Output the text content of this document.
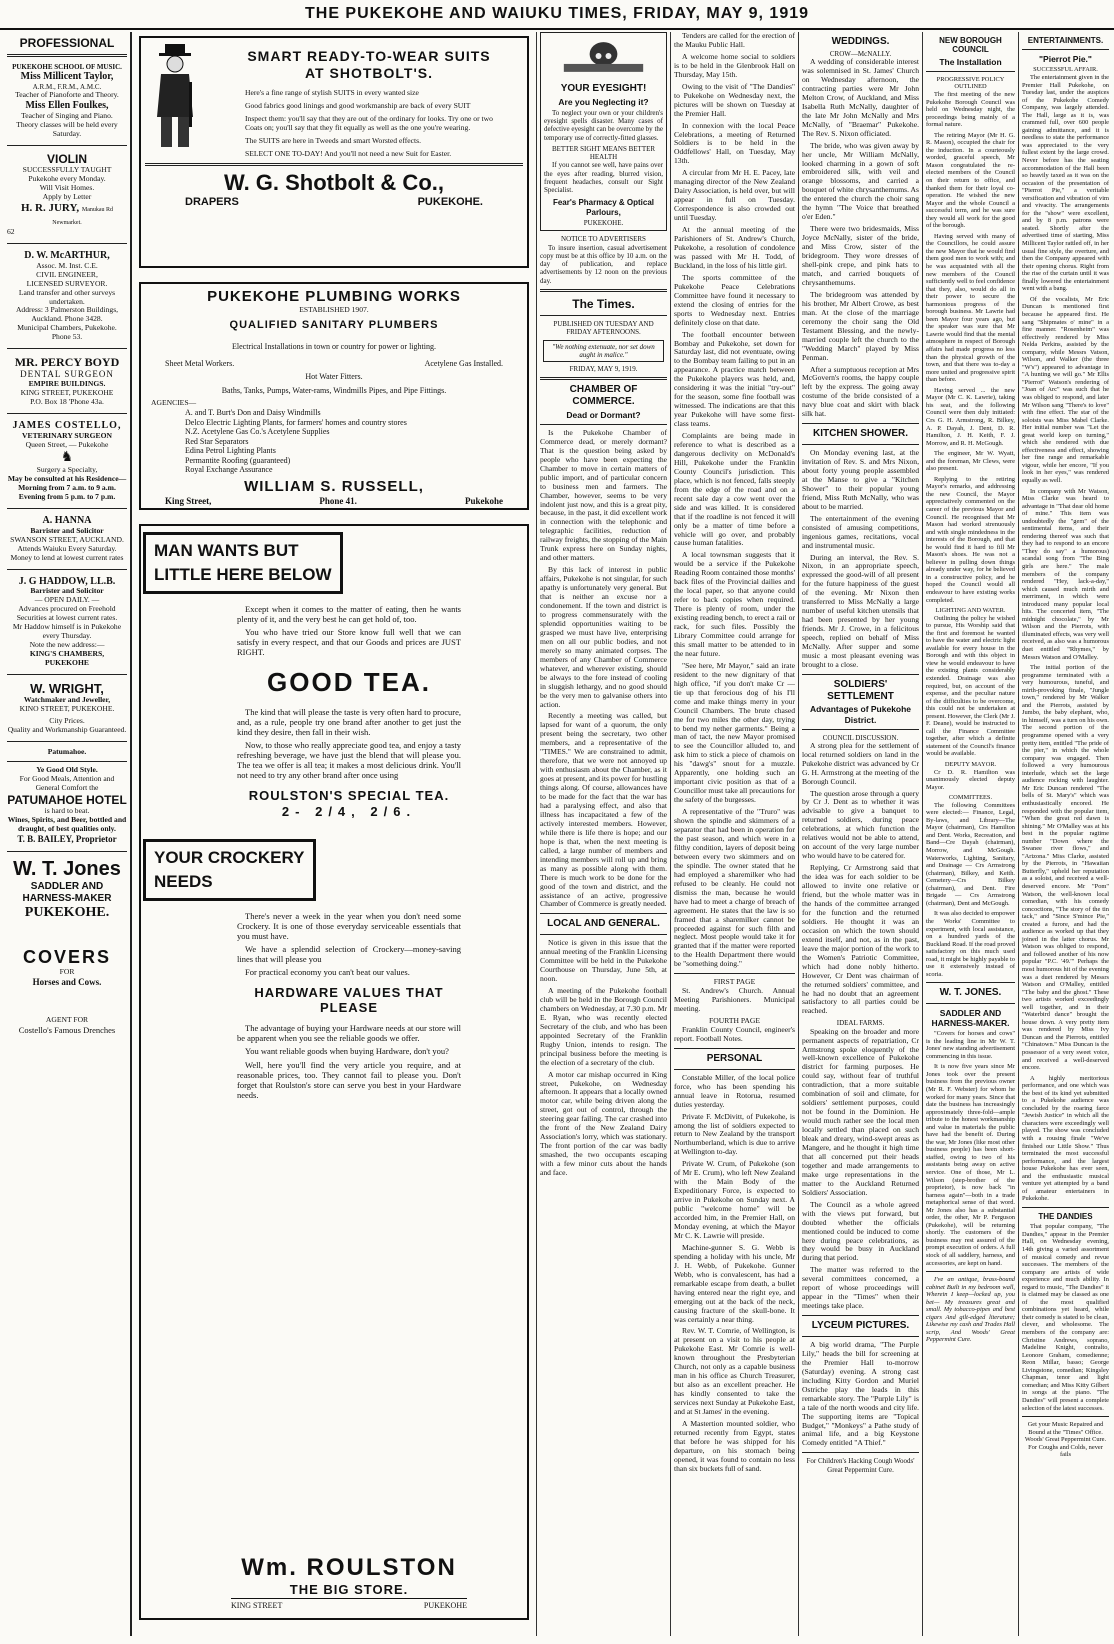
THE PUKEKOHE AND WAIUKU TIMES, FRIDAY, MAY 9, 1919
PROFESSIONAL
PUKEKOHE SCHOOL OF MUSIC.
Miss Millicent Taylor,
A.R.M., F.R.M., A.M.C.
Teacher of Pianoforte and Theory.
Miss Ellen Foulkes,
Teacher of Singing and Piano.
Theory classes will be held every Saturday.
VIOLIN
SUCCESSFULLY TAUGHT
Pukekohe every Monday.
Will Visit Homes.
Apply by Letter
H. R. JURY, Manukau Rd Newmarket.
62
D. W. McARTHUR,
Assoc. M. Inst. C.E.
CIVIL ENGINEER,
LICENSED SURVEYOR.
Land transfer and other surveys undertaken.
Address: 3 Palmerston Buildings, Auckland. Phone 3428.
Municipal Chambers, Pukekohe. Phone 53.
MR. PERCY BOYD
DENTAL SURGEON
EMPIRE BUILDINGS.
KING STREET, PUKEKOHE
P.O. Box 18 'Phone 43a.
JAMES COSTELLO,
VETERINARY SURGEON
Queen Street, — Pukekohe
♞
Surgery a Specialty,
May be consulted at his Residence—
Morning from 7 a.m. to 9 a.m.
Evening from 5 p.m. to 7 p.m.
A. HANNA
Barrister and Solicitor
SWANSON STREET, AUCKLAND.
Attends Waiuku Every Saturday.
Money to lend at lowest current rates
J. G HADDOW, LL.B.
Barrister and Solicitor
— OPEN DAILY. —
Advances procured on Freehold Securities at lowest current rates.
Mr Haddow himself is in Pukekohe every Thursday.
Note the new address:—
KING'S CHAMBERS, PUKEKOHE
W. WRIGHT,
Watchmaker and Jeweller,
KINO STREET, PUKEKOHE.
City Prices.
Quality and Workmanship Guaranteed.
Patumahoe.
Ye Good Old Style.
For Good Meals, Attention and General Comfort the
PATUMAHOE HOTEL
is hard to beat.
Wines, Spirits, and Beer, bottled and draught, of best qualities only.
T. B. BAILEY, Proprietor
W. T. Jones
SADDLER AND
HARNESS-MAKER
PUKEKOHE.
COVERS
FOR
Horses and Cows.
AGENT FOR
Costello's Famous Drenches
SMART READY-TO-WEAR SUITS AT SHOTBOLT'S.
Here's a fine range of stylish SUITS in every wanted size
Good fabrics good linings and good workmanship are back of every SUIT
Inspect them: you'll say that they are out of the ordinary for looks. Try one or two Coats on; you'll say that they fit equally as well as the one you're wearing.
The SUITS are here in Tweeds and smart Worsted effects.
SELECT ONE TO-DAY! And you'll not need a new Suit for Easter.
W. G. Shotbolt & Co.,
DRAPERS	PUKEKOHE.
PUKEKOHE PLUMBING WORKS
ESTABLISHED 1907.
QUALIFIED SANITARY PLUMBERS
Electrical Installations in town or country for power or lighting.
Sheet Metal Workers.	Acetylene Gas Installed.
Hot Water Fitters.
Baths, Tanks, Pumps, Water-rams, Windmills Pipes, and Pipe Fittings.
AGENCIES—
A. and T. Burt's Don and Daisy Windmills
Delco Electric Lighting Plants, for farmers' homes and country stores
N.Z. Acetylene Gas Co.'s Acetylene Supplies
Red Star Separators
Edina Petrol Lighting Plants
Permantite Roofing (guaranteed)
Royal Exchange Assurance
WILLIAM S. RUSSELL,
King Street,	Phone 41.	Pukekohe
MAN WANTS BUT
LITTLE HERE BELOW

Except when it comes to the matter of eating, then he wants plenty of it, and the very best he can get hold of, too.

You who have tried our Store know full well that we can satisfy in every respect, and that our Goods and prices are JUST RIGHT.

GOOD TEA.

The kind that will please the taste is very often hard to procure, and, as a rule, people try one brand after another to get just the kind they desire, then fall in their wish.

Now, to those who really appreciate good tea, and enjoy a tasty refreshing beverage, we have just the blend that will please you. The tea we offer is all tea; it makes a most delicious drink. You'll not need to try any other brand after once using

ROULSTON'S SPECIAL TEA.
2- 2/4, 2/6.
YOUR CROCKERY
NEEDS

There's never a week in the year when you don't need some Crockery. It is one of those everyday serviceable essentials that you must have.

We have a splendid selection of Crockery—money-saving lines that will please you

For practical economy you can't beat our values.

HARDWARE VALUES THAT PLEASE

The advantage of buying your Hardware needs at our store will be apparent when you see the reliable goods we offer.

You want reliable goods when buying Hardware, don't you?

Well, here you'll find the very article you require, and at reasonable prices, too. They cannot fail to please you. Don't forget that Roulston's store can serve you best in your Hardware needs.

Wm. ROULSTON
THE BIG STORE.
KING STREET	PUKEKOHE
YOUR EYESIGHT!
Are you Neglecting it?

To neglect your own or your children's eyesight spells disaster. Many cases of defective eyesight can be overcome by the temporary use of correctly-fitted glasses.

BETTER SIGHT MEANS BETTER HEALTH

If you cannot see well, have pains over the eyes after reading, blurred vision, frequent headaches, consult our Sight Specialist.

Fear's Pharmacy & Optical Parlours,
PUKEKOHE.
NOTICE TO ADVERTISERS

To insure insertion, casual advertisement copy must be at this office by 10 a.m. on the day of publication, and replace advertisements by 12 noon on the previous day.

The Times.
PUBLISHED ON TUESDAY AND FRIDAY AFTERNOONS.
"We nothing extenuate, nor set down aught in malice."
FRIDAY, MAY 9, 1919.
CHAMBER OF COMMERCE.
Dead or Dormant?

Is the Pukekohe Chamber of Commerce dead, or merely dormant? That is the question being asked by people who have been expecting the Chamber to move in certain matters of public import, and of particular concern to business men and farmers. The Chamber, however, seems to be very indolent just now, and this is a great pity, because, in the past, it did excellent work in connection with the telephonic and telegraphic facilities, reduction of railway freights, the stopping of the Main Trunk express here on Sunday nights, and other matters.

By this lack of interest in public affairs, Pukekohe is not singular, for such apathy is unfortunately very general. But that is neither an excuse nor a condonement. If the town and district is to progress commensurately with the splendid opportunities waiting to be grasped we must have live, enterprising men on all our public bodies, and not merely so many animated corpses. The members of any Chamber of Commerce whatever, and wherever existing, should be always to the fore instead of cooling in sluggish lethargy, and no good should be the very men to galvanise others into action.

Recently a meeting was called, but lapsed for want of a quorum, the only present being the secretary, two other members, and a representative of the "TIMES." We are constrained to admit, therefore, that we were not annoyed up with enthusiasm about the Chamber, as it goes at present, and its power for hustling things along. Of course, allowances have to be made for the fact that the war has had a paralysing effect, and also that illness has incapacitated a few of the actively interested members. However, while there is life there is hope; and our hope is that, when the next meeting is called, a large number of members and intending members will roll up and bring as many as possible along with them. There is much work to be done for the good of the town and district, and the assistance of an active, progressive Chamber of Commerce is greatly needed.

LOCAL AND GENERAL.

Notice is given in this issue that the annual meeting of the Franklin Licensing Committee will be held in the Pukekohe Courthouse on Thursday, June 5th, at noon.

A meeting of the Pukekohe football club will be held in the Borough Council chambers on Wednesday, at 7.30 p.m. Mr E. Ryan, who was recently elected Secretary of the club, and who has been appointed Secretary of the Franklin Rugby Union, intends to resign. The principal business before the meeting is the election of a secretary of the club.

A motor car mishap occurred in King street, Pukekohe, on Wednesday afternoon. It appears that a locally owned motor car, while being driven along the street, got out of control, through the steering gear failing. The car crashed into the front of the New Zealand Dairy Association's lorry, which was stationary. The front portion of the car was badly smashed, the two occupants escaping with a few minor cuts about the hands and face.

Tenders are called for the erection of the Mauku Public Hall.

A welcome home social to soldiers is to be held in the Glenbrook Hall on Thursday, May 15th.

Owing to the visit of "The Dandies" to Pukekohe on Wednesday next, the pictures will be shown on Tuesday at the Premier Hall.

In connexion with the local Peace Celebrations, a meeting of Returned Soldiers is to be held in the Oddfellows' Hall, on Tuesday, May 13th.

A circular from Mr H. E. Pacey, late managing director of the New Zealand Dairy Association, is held over, but will appear in full on Tuesday. Correspondence is also crowded out until Tuesday.

At the annual meeting of the Parishioners of St. Andrew's Church, Pukekohe, a resolution of condolence was passed with Mr H. Todd, of Buckland, in the loss of his little girl.

The sports committee of the Pukekohe Peace Celebrations Committee have found it necessary to extend the closing of entries for the sports to Wednesday next. Entries definitely close on that date.

The football encounter between Bombay and Pukekohe, set down for Saturday last, did not eventuate, owing to the Bombay team failing to put in an appearance. A practice match between the Pukekohe players was held, and, considering it was the initial "try-out" for the season, some fine football was witnessed. The indications are that this year Pukekohe will have some first-class teams.

Complaints are being made in reference to what is described as a dangerous declivity on McDonald's Hill, Pukekohe under the Franklin County Council's jurisdiction. This place, which is not fenced, falls steeply from the edge of the road and on a recent sale day a cow went over the side and was killed. It is considered that if the roadline is not fenced it will only be a matter of time before a vehicle will go over, and probably cause human fatalities.

A local townsman suggests that it would be a service if the Pukekohe Reading Room contained those months' back files of the Provincial dailies and the local paper, so that anyone could refer to back copies when required. There is plenty of room, under the existing reading bench, to erect a rail or rack, for such files. Possibly the Library Committee could arrange for this small matter to be attended to in the near future.

"See here, Mr Mayor," said an irate resident to the new dignitary of that high office, "if you don't make Cr — tie up that ferocious dog of his I'll come and make things merry in your Council Chambers. The brute chased me for two miles the other day, trying to bend my nether garments." Being a man of tact, the new Mayor promised to see the Councillor alluded to, and ask him to stick a piece of chamois on his "dawg's" snout for a muzzle. Apparently, one holding such an important civic position as that of a Councillor must take all precautions for the safety of the burgesses.

A representative of the "Truro" was shown the spindle and skimmers of a separator that had been in operation for the past season, and which were in a filthy condition, layers of deposit being between every two skimmers and on the spindle. The owner stated that he had employed a sharemilker who had refused to be cleanly. He could not dismiss the man, because he would have had to meet a charge of breach of agreement. He states that the law is so framed that a sharemilker cannot be proceeded against for such filth and neglect. Most people would take it for granted that if the matter were reported to the Health Department there would be "something doing."

FIRST PAGE

St. Andrew's Church. Annual Meeting Parishioners. Municipal meeting.

FOURTH PAGE

Franklin County Council, engineer's report. Football Notes.

PERSONAL

Constable Miller, of the local police force, who has been spending his annual leave in Rotorua, resumed duties yesterday.

Private F. McDivitt, of Pukekohe, is among the list of soldiers expected to return to New Zealand by the transport Northumberland, which is due to arrive at Wellington to-day.

Private W. Crum, of Pukekohe (son of Mr E. Crum), who left New Zealand with the Main Body of the Expeditionary Force, is expected to arrive in Pukekohe on Sunday next. A public "welcome home" will be accorded him, in the Premier Hall, on Monday evening, at which the Mayor Mr C. K. Lawrie will preside.

Machine-gunner S. G. Webb is spending a holiday with his uncle, Mr J. H. Webb, of Pukekohe. Gunner Webb, who is convalescent, has had a remarkable escape from death, a bullet having entered near the right eye, and emerging out at the back of the neck, causing fracture of the skull-bone. It was certainly a near thing.

Rev. W. T. Comrie, of Wellington, is at present on a visit to his people at Pukekohe East. Mr Comrie is well-known throughout the Presbyterian Church, not only as a capable business man in his office as Church Treasurer, but also as an excellent preacher. He has kindly consented to take the services next Sunday at Pukekohe East, and at St James' in the evening.

A Mastertion mounted soldier, who returned recently from Egypt, states that before he was shipped for his departure, on his stomach being opened, it was found to contain no less than six buckets full of sand.

WEDDINGS.
CROW—McNALLY.

A wedding of considerable interest was solemnised in St. James' Church on Wednesday afternoon, the contracting parties were Mr John Melton Crow, of Auckland, and Miss Isabella Ruth McNally, daughter of the late Mr John McNally and Mrs McNally, of "Braemar" Pukekohe. The Rev. S. Nixon officiated.

The bride, who was given away by her uncle, Mr William McNally, looked charming in a gown of soft embroidered silk, with veil and orange blossoms, and carried a bouquet of white chrysanthemums. As the entered the church the choir sang the hymn "The Voice that breathed o'er Eden."

There were two bridesmaids, Miss Joyce McNally, sister of the bride, and Miss Crow, sister of the bridegroom. They wore dresses of shell-pink crepe, and pink hats to match, and carried bouquets of chrysanthemums.

The bridegroom was attended by his brother, Mr Albert Crowe, as best man. At the close of the marriage ceremony the choir sang the Old Testament Blessing, and the newly-married couple left the church to the "Wedding March" played by Miss Penman.

After a sumptuous reception at Mrs McGovern's rooms, the happy couple left by the express. The going away costume of the bride consisted of a navy blue coat and skirt with black silk hat.

KITCHEN SHOWER.

On Monday evening last, at the invitation of Rev. S. and Mrs Nixon, about forty young people assembled at the Manse to give a "Kitchen Shower" to their popular young friend, Miss Ruth McNally, who was about to be married.

The entertainment of the evening consisted of amusing competitions, ingenious games, recitations, vocal and instrumental music.

During an interval, the Rev. S. Nixon, in an appropriate speech, expressed the good-will of all present for the future happiness of the guest of the evening. Mr Nixon then transferred to Miss McNally a large number of useful kitchen utensils that had been presented by her young friends. Mr J. Crowe, in a felicitous speech, replied on behalf of Miss McNally. After supper and some music a most pleasant evening was brought to a close.

SOLDIERS' SETTLEMENT
Advantages of Pukekohe District.
COUNCIL DISCUSSION.

A strong plea for the settlement of local returned soldiers on land in the Pukekohe district was advanced by Cr G. H. Armstrong at the meeting of the Borough Council.

The question arose through a query by Cr J. Dent as to whether it was advisable to give a banquet to returned soldiers, during peace celebrations, at which function the relatives would not be able to attend, on account of the very large number who would have to be catered for.

Replying, Cr Armstrong said that the idea was for each soldier to be allowed to invite one relative or friend, but the whole matter was in the hands of the committee arranged for the function and the returned soldiers. He thought it was an occasion on which the town should extend itself, and not, as in the past, leave the major portion of the work to the Women's Patriotic Committee, which had done nobly hitherto. However, Cr Dent was chairman of the returned soldiers' committee, and he had no doubt that an agreement satisfactory to all parties could be reached.

IDEAL FARMS.

Speaking on the broader and more permanent aspects of repatriation, Cr Armstrong spoke eloquently of the well-known excellence of Pukekohe district for farming purposes. He could say, without fear of truthful contradiction, that a more suitable combination of soil and climate, for soldiers' settlement purposes, could not be found in the Dominion. He would much rather see the local men locally settled than placed on such bleak and dreary, wind-swept areas as Mangere, and he thought it high time that all concerned put their heads together and made arrangements to make urge representations in the matter to the Auckland Returned Soldiers' Association.

The Council as a whole agreed with the views put forward, but doubted whether the officials mentioned could be induced to come here during peace celebrations, as they would be busy in Auckland during that period.

The matter was referred to the several committees concerned, a report of whose proceedings will appear in the "Times" when their meetings take place.

LYCEUM PICTURES.

A big world drama, "The Purple Lily," heads the bill for screening at the Premier Hall to-morrow (Saturday) evening. A strong cast including Kitty Gordon and Muriel Ostriche play the leads in this remarkable story. The "Purple Lily" is a tale of the north woods and city life. The supporting items are "Topical Budget," "Monkeys" a Pathe study of animal life, and a big Keystone Comedy entitled "A Thief."

For Children's Hacking Cough Woods' Great Peppermint Cure.
NEW BOROUGH COUNCIL
The Installation
PROGRESSIVE POLICY OUTLINED

The first meeting of the new Pukekohe Borough Council was held on Wednesday night, the proceedings being mainly of a formal nature.

The retiring Mayor (Mr H. G. R. Mason), occupied the chair for the induction. In a courteously worded, graceful speech, Mr Mason congratulated the re-elected members of the Council on their return to office, and thanked them for their loyal co-operation. He wished the new Mayor and the whole Council a successful term, and he was sure they would all work for the good of the borough.

Having served with many of the Councillors, he could assure the new Mayor that he would find them good men to work with; and he was acquainted with all the new members of the Council sufficiently well to feel confidence that they, also, would do all in their power to secure the harmonious progress of the borough business. Mr Lawrie had been Mayor four years ago, but the speaker was sure that Mr Lawrie would find that the mental atmosphere in respect of Borough affairs had made progress no less than the physical growth of the town, and that there was to-day a more united and progressive spirit than before.

Having served ... the new Mayor (Mr C. K. Lawrie), taking his seat, and the following Council were then duly initiated: Crs G. H. Armstrong, R. Bilkey, A. P. Dayah, J. Dent, D. R. Hamilton, J. H. Keith, F. J. Morrow, and R. H. McGough.

The engineer, Mr W. Wyatt, and the foreman, Mr Clews, were also present.

Replying to the retiring Mayor's remarks, and addressing the new Council, the Mayor appreciatively commented on the career of the previous Mayor and Council. He recognised that Mr Mason had worked strenuously and with single mindedness in the interests of the Borough, and that he would find it hard to fill Mr Mason's shoes. He was not a believer in pulling down things already under way, for he believed in a constructive policy, and he hoped the Council would all endeavour to have existing works completed.

LIGHTING AND WATER.

Outlining the policy he wished to pursue, His Worship said that the first and foremost he wanted to have the water and electric light available for every house in the Borough and with this object in view he would endeavour to have the existing plants considerably extended. Drainage was also required, but, on account of the expense, and the peculiar nature of the difficulties to be overcome, this could not be undertaken at present. However, the Clerk (Mr J. F. Deane), would be instructed to call the Finance Committee together, after which a definite statement of the Council's finance would be available.

DEPUTY MAYOR.

Cr D. R. Hamilton was unanimously elected deputy Mayor.

COMMITTEES.

The following Committees were elected:— Finance, Legal, By-laws, and Library—The Mayor (chairman), Crs Hamilton and Dent. Works, Recreation, and Band—Cre Dayah (chairman), Morrow, and McGough. Waterworks, Lighting, Sanitary, and Drainage — Crs Armstrong (chairman), Bilkey, and Keith. Cemetery—Crs Bilkey (chairman), and Dent. Fire Brigade — Crs Armstrong (chairman), Dent and McGough.

It was also decided to empower the Works' Committee to experiment, with local assistance, on a hundred yards of the Buckland Road. If the road proved satisfactory on this much used road, it might be highly payable to use it extensively instead of scoria.

W. T. JONES.
SADDLER AND HARNESS-MAKER.

"Covers for horses and cows" is the leading line in Mr W. T. Jones' new standing advertisement commencing in this issue.

It is now five years since Mr Jones took over the present business from the previous owner (Mr R. F. Webster) for whom he worked for many years. Since that date the business has increasingly approximately three-fold—ample tribute to the honest workmanship and value in materials the public have had the benefit of. During the war, Mr Jones (like most other business people) has been short-staffed, owing to two of his assistants being away on active service. One of those, Mr L. Wilson (step-brother of the proprietor), is now back "in harness again"—both in a trade metaphorical sense of that word. Mr Jones also has a substantial order, the other, Mr P. Ferguson (Pukekohe), will be returning shortly. The customers of the business may rest assured of the prompt execution of orders. A full stock of all saddlery, harness, and accessories, are kept on hand.

I've an antique, brass-bound cabinet Built in my bedroom wall, Wherein I keep—locked up, you bet— My treasures great and small. My tobacco-pipes and best cigars And gilt-edged literature; Likewise my cash and Trades Hall scrip, And Woods' Great Peppermint Cure.

ENTERTAINMENTS.
"Pierrot Pie."
SUCCESSFUL AFFAIR.

The entertainment given in the Premier Hall Pukekohe, on Tuesday last, under the auspices of the Pukekohe Comedy Company, was largely attended. The Hall, large as it is, was crammed full, over 600 people gaining admittance, and it is needless to state the performance was appreciated to the very fullest extent by the large crowd. Never before has the seating accommodation of the Hall been so heavily taxed as it was on the occasion of the presentation of "Pierrot Pie," a veritable versification and vibration of vim and vivacity. The arrangements for the "show" were excellent, and by 8 p.m. patrons were seated. Shortly after the advertised time of starting, Miss Millicent Taylor rattled off, in her usual fine style, the overture, and then the Company appeared with their opening chorus. Right from the rise of the curtain until it was finally lowered the entertainment went with a bang.

Of the vocalists, Mr Eric Duncan is mentioned first because he appeared first. He sang "Shipmates o' mine" in a fine manner. "Rosenheim" was effectively rendered by Miss Nelda Perkins, assisted by the company, while Messrs Vatson, Wilson, and Walker (the three "W's") appeared to advantage in "A hunting we will go." Mr Ellis "Pierrot" Watson's rendering of "Joan of Arc" was such that he was obliged to respond, and later Mr Wilson sang "There's to love" with fine effect. The star of the soloists was Miss Mabel Clarke. Her initial number was "Let the great world keep on turning," which she rendered with due effectiveness and effect, showing her fine range and remarkable vigour, while her encore, "If you look in her eyes," was rendered equally as well.

In company with Mr Watson, Miss Clarke was heard to advantage in "That dear old home of mine." This item was undoubtedly the "gem" of the sentimental items, and their rendering thereof was such that they had to respond to an encore "They do say" a humorous) scandal song from "The Bing girls are here." The male members of the company rendered "Hey, lack-a-day," which caused much mirth and merriment, in which were introduced many popular local hits. The concerted item, "The midnight chocolate," by Mr Wilson and the Pierrots, with illuminated effects, was very well received, as also was a humorous duet entitled "Rhymes," by Messrs Watson and O'Malley.

The initial portion of the programme terminated with a very humourous, tuneful, and mirth-provoking finale, "Jungle town," rendered by Mr Walker and the Pierrots, assisted by Jumbo, the baby elephant, who, in himself, was a turn on his own. The second portion of the programme opened with a very pretty item, entitled "The pride of the pier," in which the whole company was engaged. Then followed a very humourous interlude, which set the large audience rocking with laughter. Mr Eric Duncan rendered "The bells of St. Mary's" which was enthusiastically encored. He responded with the popular item, "When the great red dawn is shining." Mr O'Malley was at his best in the popular ragtime number "Down where the Swanee river flows," and "Arizona." Miss Clarke, assisted by the Pierrots, in "Hawaiian Butterfly," upheld her reputation as a soloist, and received a well-deserved encore. Mr "Pom" Watson, the well-known local comedian, with his comedy concoctions, "The story of the tin tack," and "Since S'mince Pie," created a furore, and had the audience as worked up that they joined in the latter chorus. Mr Watson was obliged to respond, and followed another of his now popular "P.C. '49.'" Perhaps the most humorous hit of the evening was a duet rendered by Messrs Watson and O'Malley, entitled "The baby and the ghost." These two artists worked exceedingly well together, and in their "Waterbird dance" brought the house down. A very pretty item was rendered by Miss Ivy Duncan and the Pierrots, entitled "Chinatown." Miss Duncan is the possessor of a very sweet voice, and received a well-deserved encore.

A highly meritorious performance, and one which was the best of its kind yet submitted to a Pukekohe audience was concluded by the roaring farce "Jewish Justice" in which all the characters were exceedingly well played. The show was concluded with a rousing finale "We've finished our Little Show." Thus terminated the most successful performance, and the largest house Pukekohe has ever seen, and the enthusiastic musical venture yet attempted by a band of amateur entertainers in Pukekohe.

THE DANDIES

That popular company, "The Dandies," appear in the Premier Hall, on Wednesday evening, 14th giving a varied assortment of musical comedy and revue successes. The members of the company are artists of wide experience and much ability. In regard to music, "The Dandies" it is claimed may be classed as one of the most qualified combinations yet heard, while their comedy is stated to be clean, clever, and wholesome. The members of the company are: Christine Andrews, soprano, Madeline Knight, contralto, Leonore Graham, comedienne; Reon Millar, basso; George Livingstone, comedian; Kingsley Chapman, tenor and light comedian; and Miss Kitty Gilbert in songs at the piano. "The Dandies" will present a complete selection of the latest successes.

Get your Music Repaired and Bound at the "Times" Office.
Woods' Great Peppermint Cure. For Coughs and Colds, never fails
